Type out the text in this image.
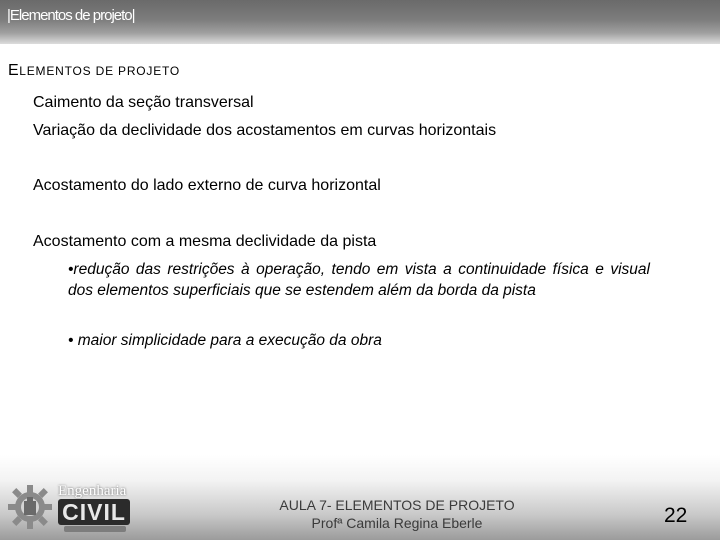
|Elementos de projeto|
ELEMENTOS DE PROJETO
Caimento da seção transversal
Variação da declividade dos acostamentos em curvas horizontais
Acostamento do lado externo de curva horizontal
Acostamento com a mesma declividade da pista
•redução das restrições à operação, tendo em vista a continuidade física e visual dos elementos superficiais que se estendem além da borda da pista
• maior simplicidade para a execução da obra
Engenharia
CIVIL	AULA 7- ELEMENTOS DE PROJETO
Profª Camila Regina Eberle	22
